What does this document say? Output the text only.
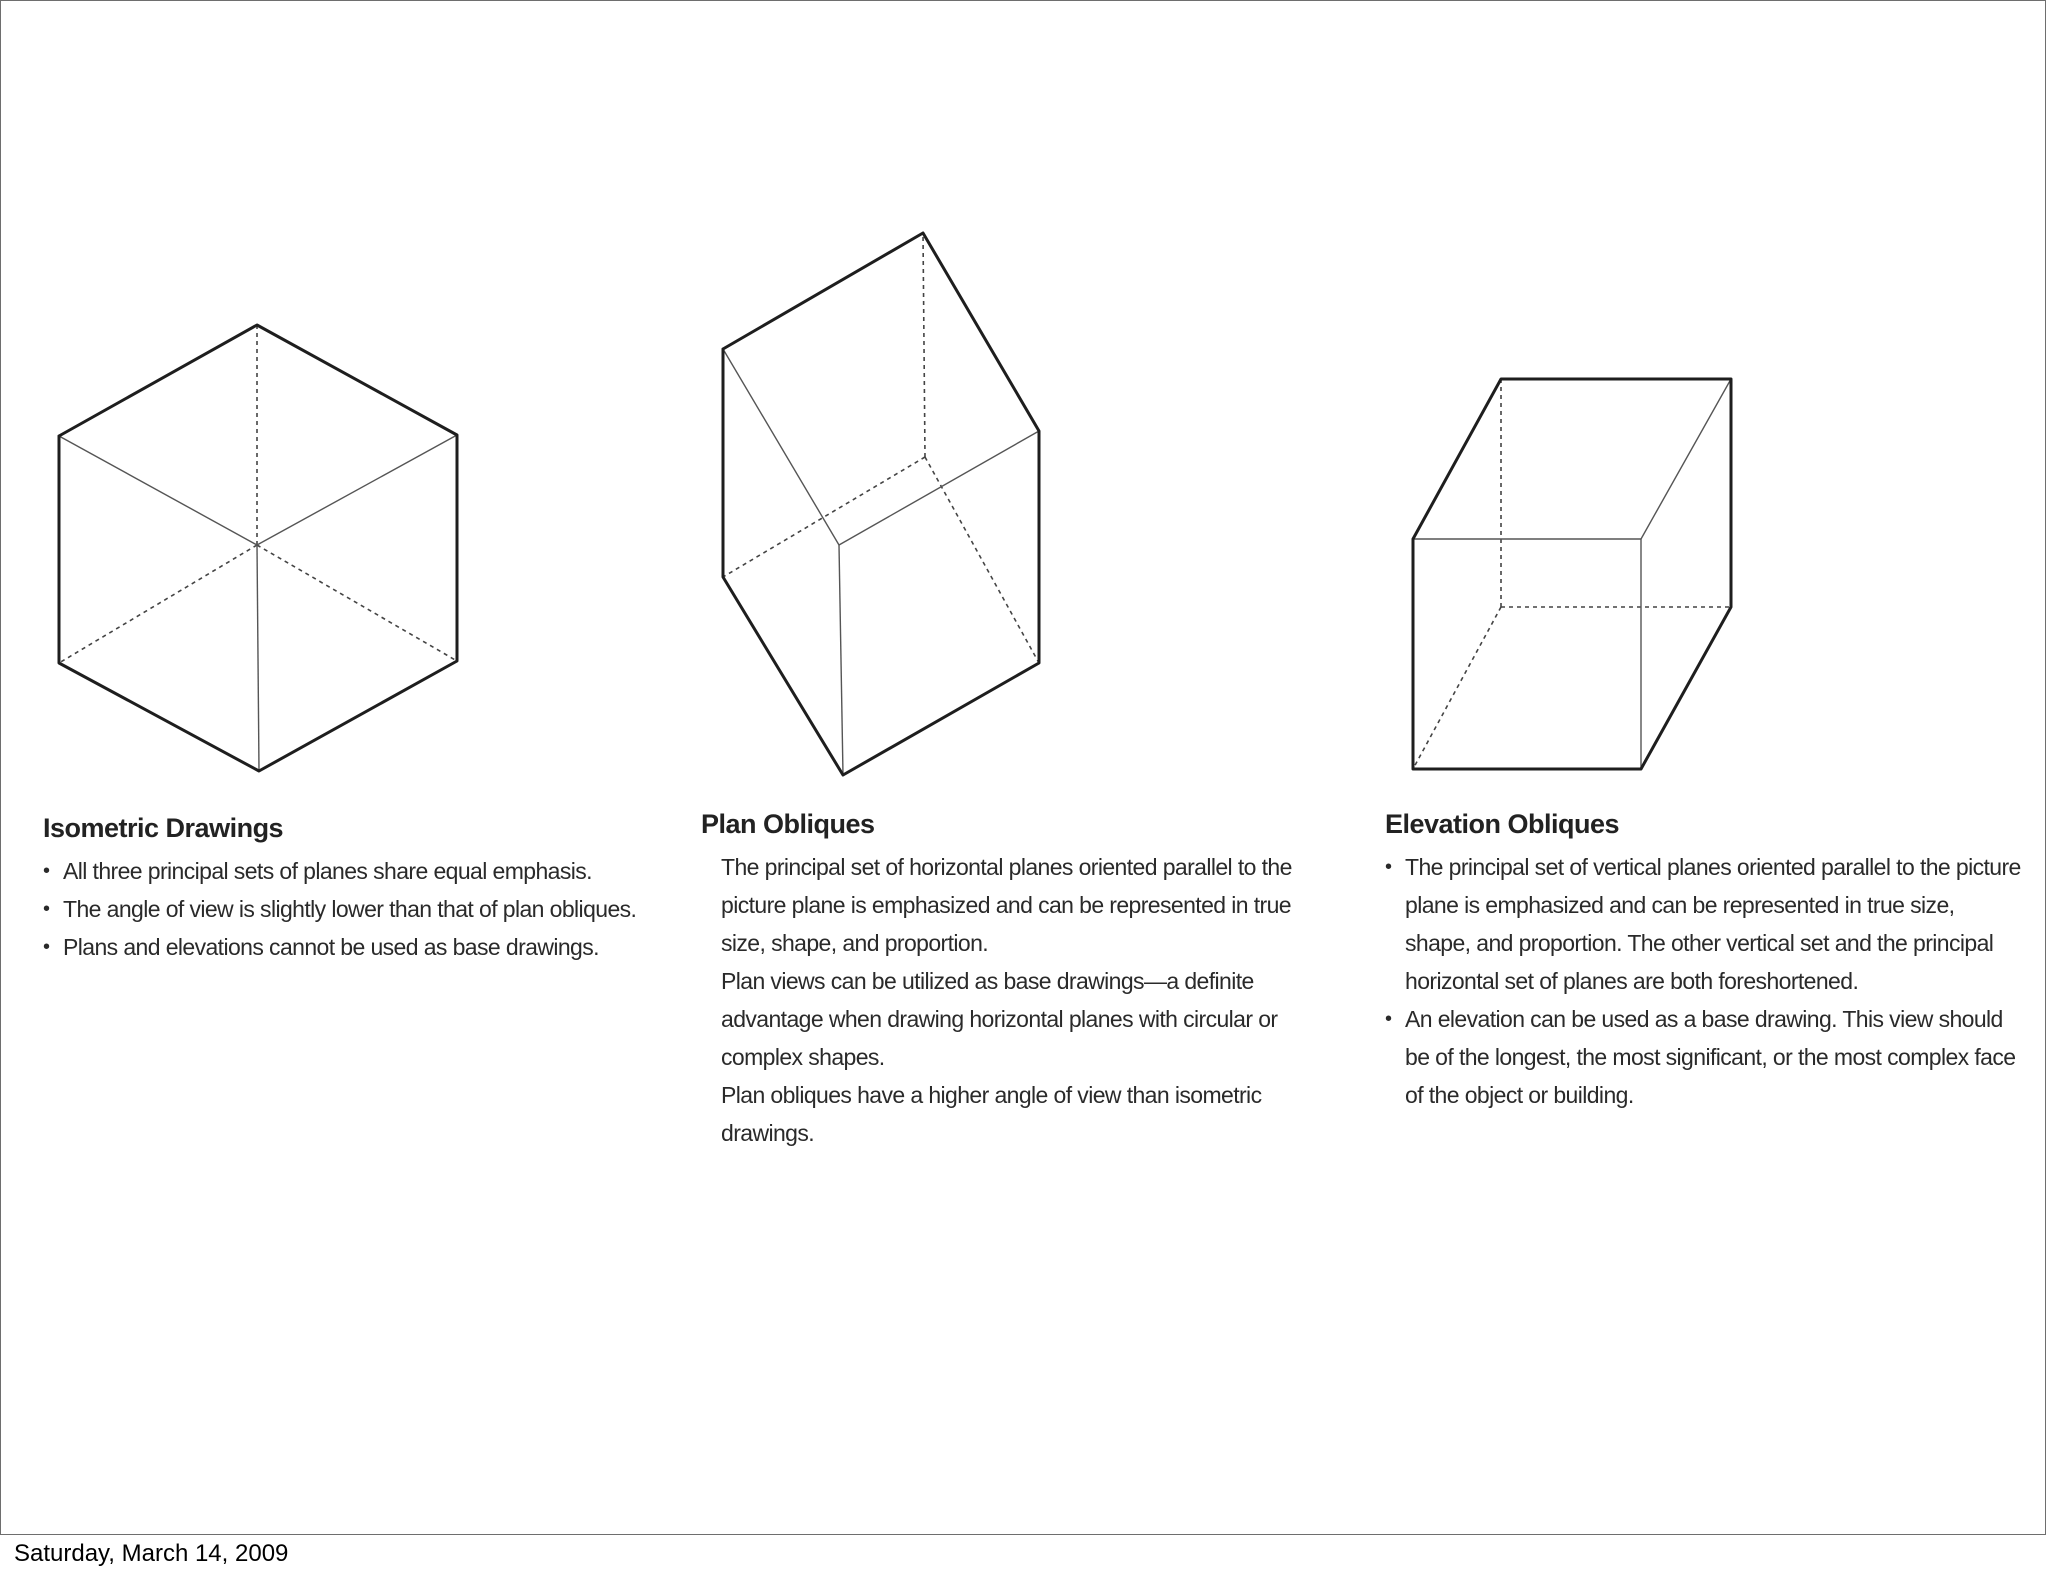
Isometric Drawings
• All three principal sets of planes share equal emphasis.
• The angle of view is slightly lower than that of plan obliques.
• Plans and elevations cannot be used as base drawings.
Plan Obliques
The principal set of horizontal planes oriented parallel to the picture plane is emphasized and can be represented in true size, shape, and proportion.
Plan views can be utilized as base drawings—a definite advantage when drawing horizontal planes with circular or complex shapes.
Plan obliques have a higher angle of view than isometric drawings.
Elevation Obliques
• The principal set of vertical planes oriented parallel to the picture plane is emphasized and can be represented in true size, shape, and proportion. The other vertical set and the principal horizontal set of planes are both foreshortened.
• An elevation can be used as a base drawing. This view should be of the longest, the most significant, or the most complex face of the object or building.
Saturday, March 14, 2009
